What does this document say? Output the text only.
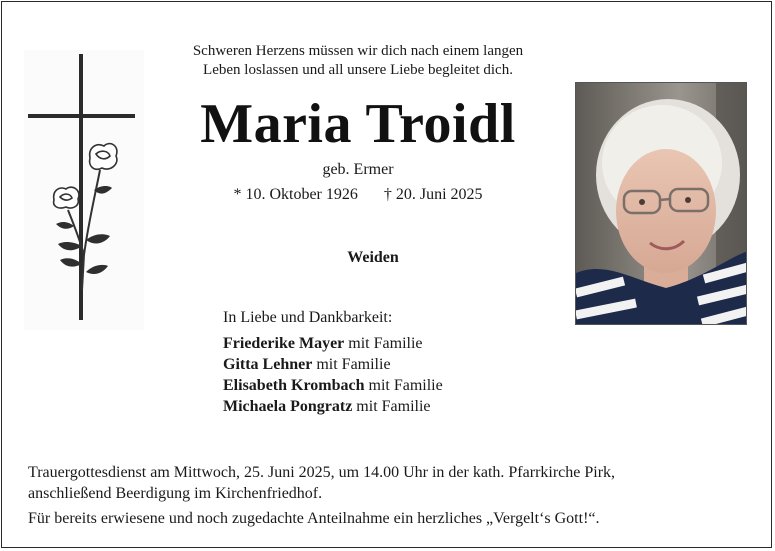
Schweren Herzens müssen wir dich nach einem langen
Leben loslassen und all unsere Liebe begleitet dich.
Maria Troidl
geb. Ermer
* 10. Oktober 1926 † 20. Juni 2025
Weiden
In Liebe und Dankbarkeit:
Friederike Mayer mit Familie
Gitta Lehner mit Familie
Elisabeth Krombach mit Familie
Michaela Pongratz mit Familie
Trauergottesdienst am Mittwoch, 25. Juni 2025, um 14.00 Uhr in der kath. Pfarrkirche Pirk,
anschließend Beerdigung im Kirchenfriedhof.
Für bereits erwiesene und noch zugedachte Anteilnahme ein herzliches „Vergelt‘s Gott!“.
